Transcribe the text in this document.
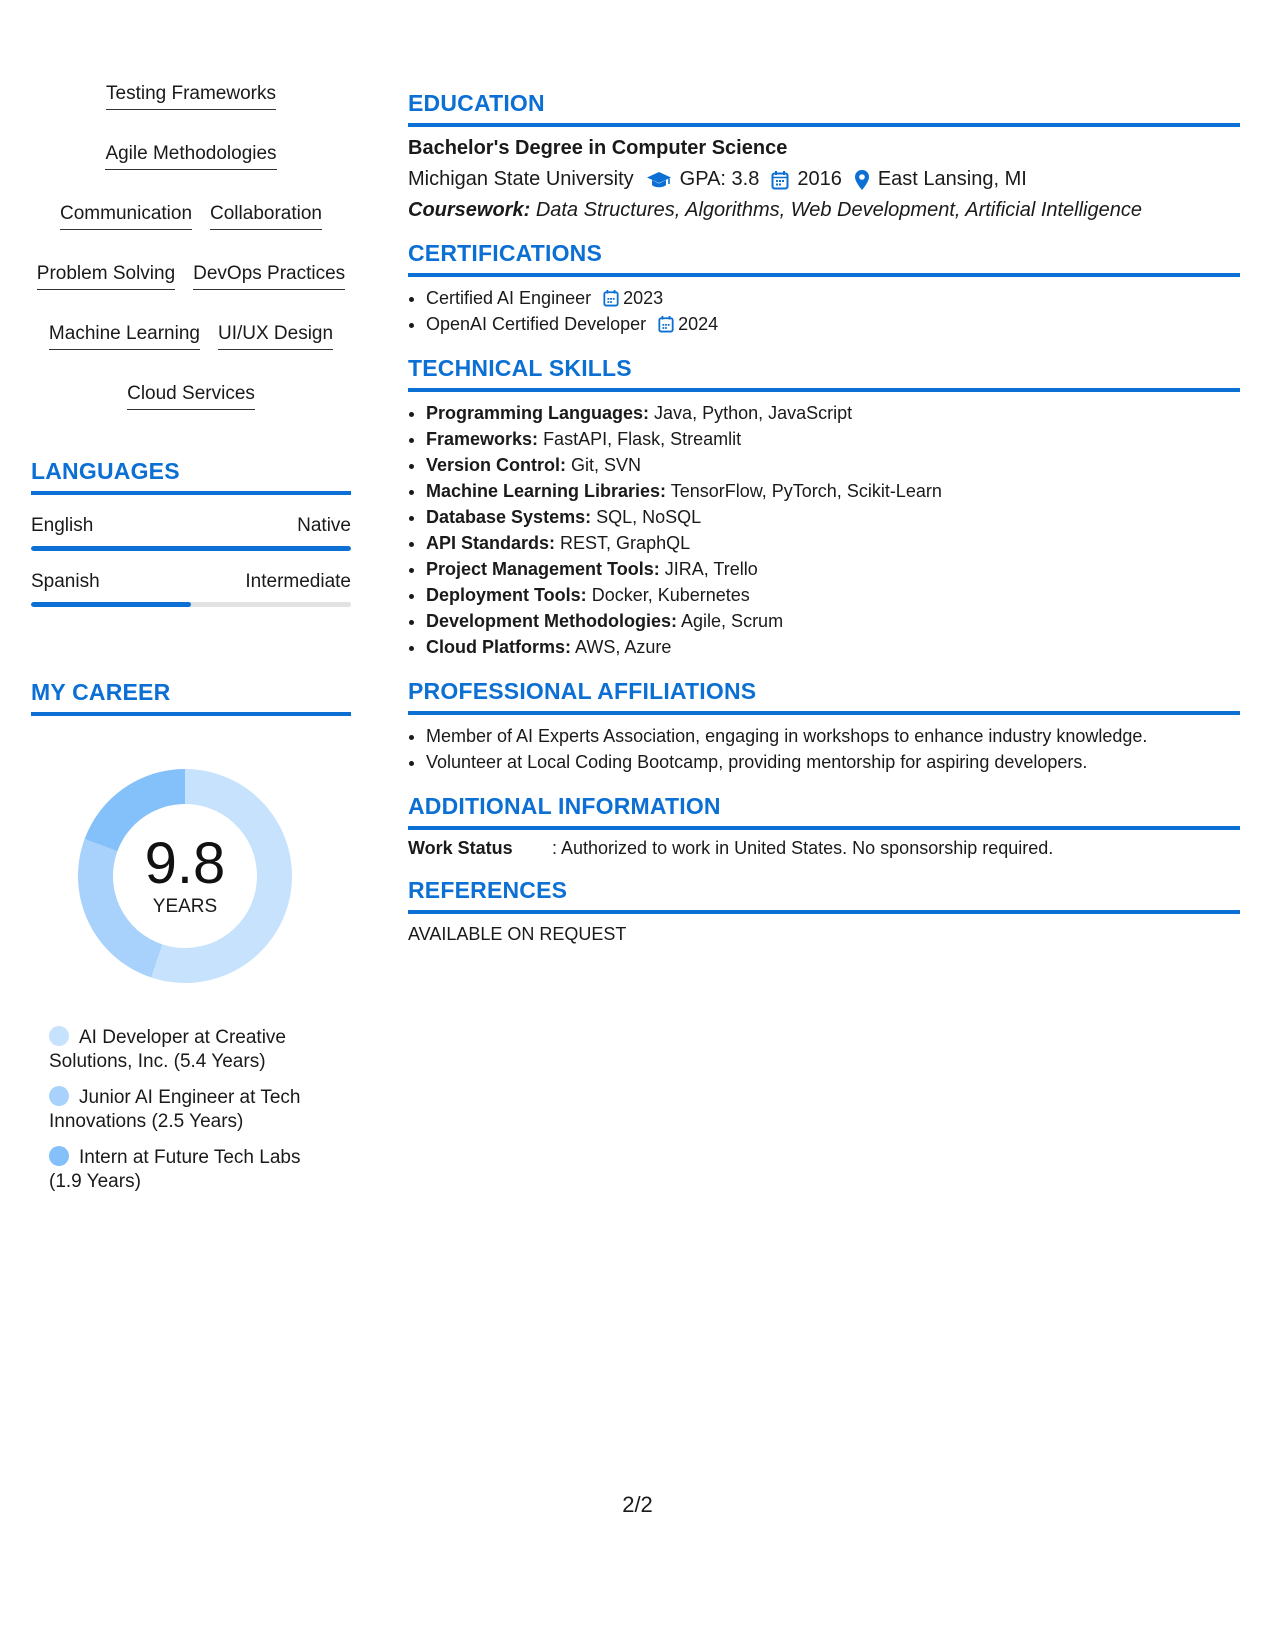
Testing Frameworks
Agile Methodologies
Communication Collaboration
Problem Solving DevOps Practices
Machine Learning UI/UX Design
Cloud Services
LANGUAGES
English	Native
Spanish	Intermediate
MY CAREER
9.8
YEARS
AI Developer at Creative Solutions, Inc. (5.4 Years)
Junior AI Engineer at Tech Innovations (2.5 Years)
Intern at Future Tech Labs (1.9 Years)
EDUCATION
Bachelor's Degree in Computer Science
Michigan State University GPA: 3.8 2016 East Lansing, MI
Coursework: Data Structures, Algorithms, Web Development, Artificial Intelligence
CERTIFICATIONS
• Certified AI Engineer 2023
• OpenAI Certified Developer 2024
TECHNICAL SKILLS
• Programming Languages: Java, Python, JavaScript
• Frameworks: FastAPI, Flask, Streamlit
• Version Control: Git, SVN
• Machine Learning Libraries: TensorFlow, PyTorch, Scikit-Learn
• Database Systems: SQL, NoSQL
• API Standards: REST, GraphQL
• Project Management Tools: JIRA, Trello
• Deployment Tools: Docker, Kubernetes
• Development Methodologies: Agile, Scrum
• Cloud Platforms: AWS, Azure
PROFESSIONAL AFFILIATIONS
• Member of AI Experts Association, engaging in workshops to enhance industry knowledge.
• Volunteer at Local Coding Bootcamp, providing mentorship for aspiring developers.
ADDITIONAL INFORMATION
Work Status	: Authorized to work in United States. No sponsorship required.
REFERENCES
AVAILABLE ON REQUEST
2/2
